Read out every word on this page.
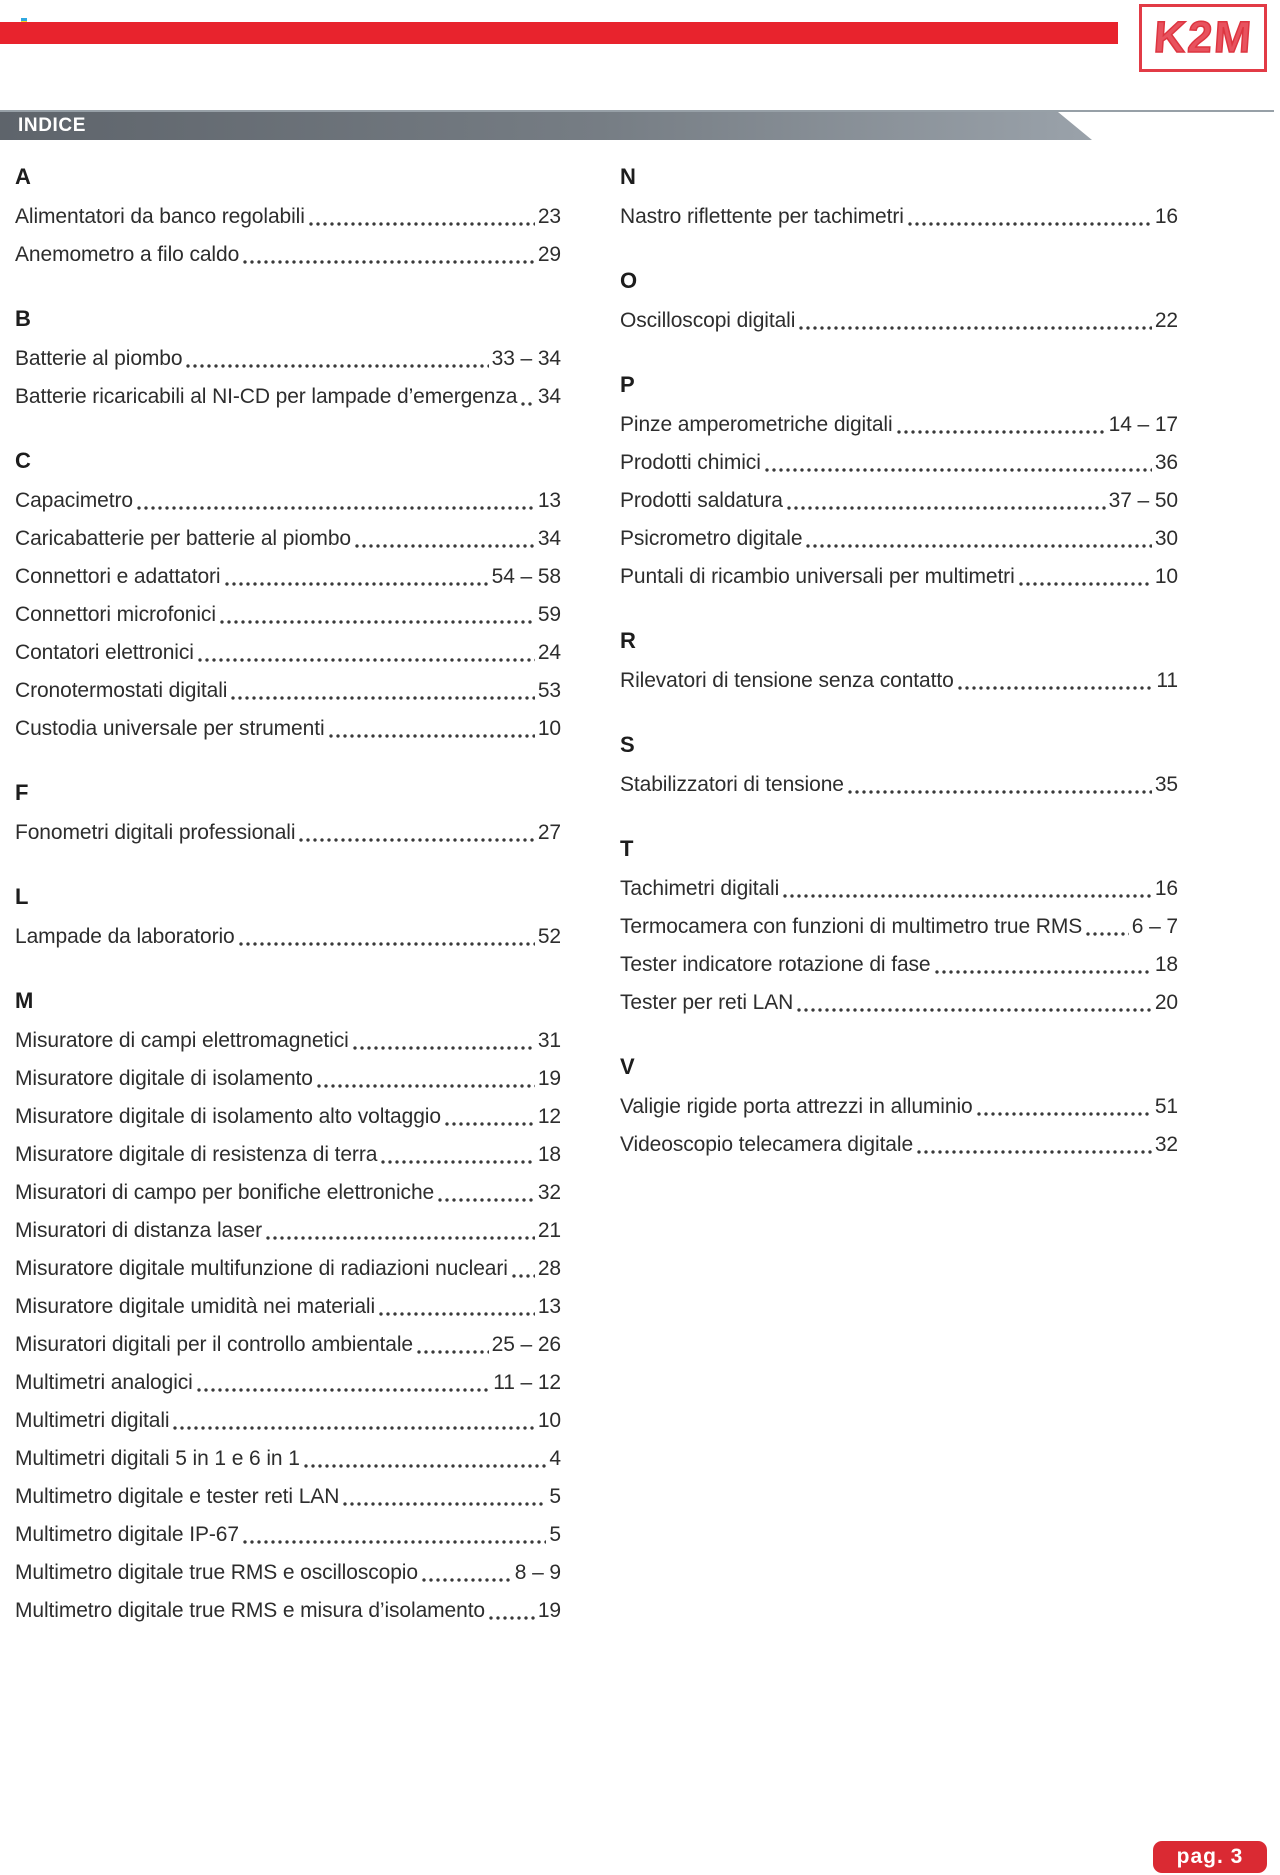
K2M
INDICE
A
Alimentatori da banco regolabili	23
Anemometro a filo caldo	29
B
Batterie al piombo	33 – 34
Batterie ricaricabili al NI-CD per lampade d’emergenza 34
C
Capacimetro	13
Caricabatterie per batterie al piombo	34
Connettori e adattatori	54 – 58
Connettori microfonici	59
Contatori elettronici	24
Cronotermostati digitali	53
Custodia universale per strumenti	10
F
Fonometri digitali professionali	27
L
Lampade da laboratorio	52
M
Misuratore di campi elettromagnetici	31
Misuratore digitale di isolamento	19
Misuratore digitale di isolamento alto voltaggio	12
Misuratore digitale di resistenza di terra	18
Misuratori di campo per bonifiche elettroniche	32
Misuratori di distanza laser	21
Misuratore digitale multifunzione di radiazioni nucleari 28
Misuratore digitale umidità nei materiali	13
Misuratori digitali per il controllo ambientale	25 – 26
Multimetri analogici	11 – 12
Multimetri digitali	10
Multimetri digitali 5 in 1 e 6 in 1	4
Multimetro digitale e tester reti LAN	5
Multimetro digitale IP-67	5
Multimetro digitale true RMS e oscilloscopio	8 – 9
Multimetro digitale true RMS e misura d’isolamento	19
N
Nastro riflettente per tachimetri	16
O
Oscilloscopi digitali	22
P
Pinze amperometriche digitali	14 – 17
Prodotti chimici	36
Prodotti saldatura	37 – 50
Psicrometro digitale	30
Puntali di ricambio universali per multimetri	10
R
Rilevatori di tensione senza contatto	11
S
Stabilizzatori di tensione	35
T
Tachimetri digitali	16
Termocamera con funzioni di multimetro true RMS 6 – 7
Tester indicatore rotazione di fase	18
Tester per reti LAN	20
V
Valigie rigide porta attrezzi in alluminio	51
Videoscopio telecamera digitale	32
pag. 3
